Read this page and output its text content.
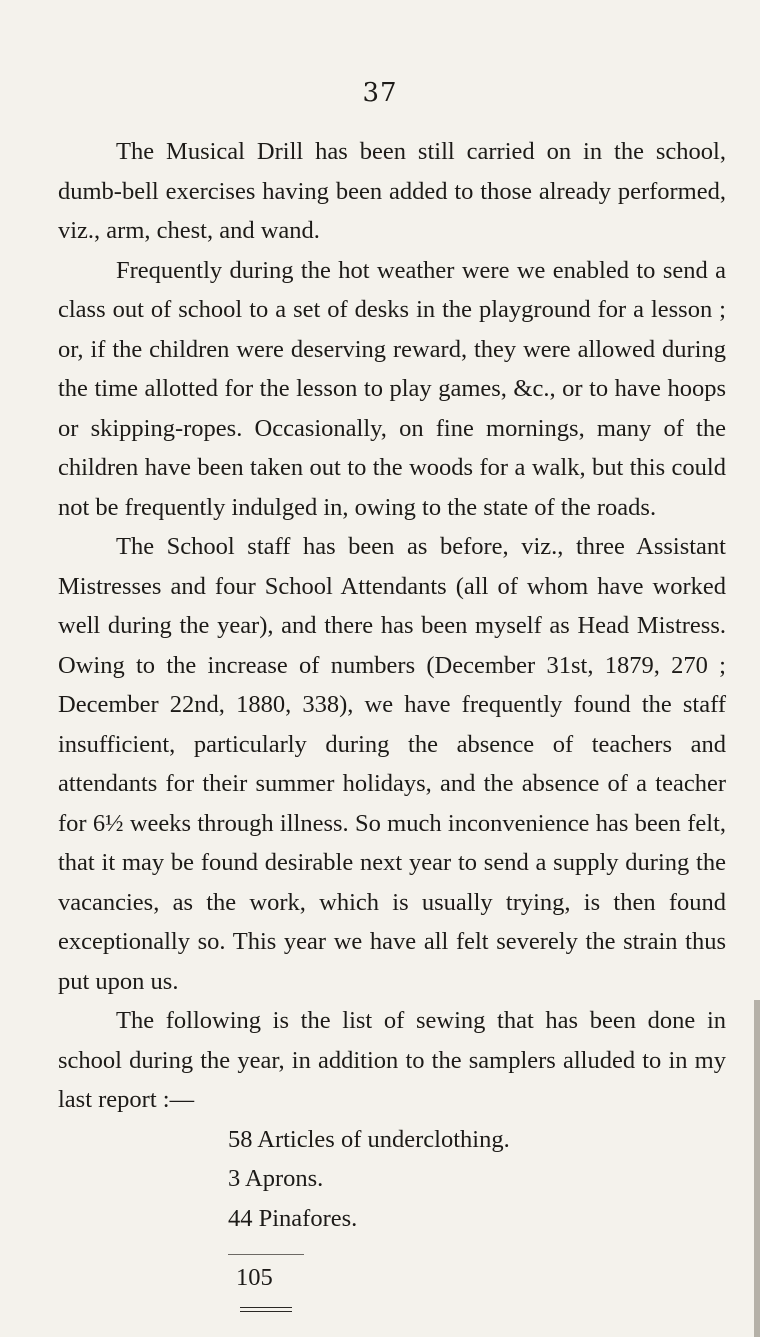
37

The Musical Drill has been still carried on in the school, dumb-bell exercises having been added to those already performed, viz., arm, chest, and wand.

Frequently during the hot weather were we enabled to send a class out of school to a set of desks in the playground for a lesson ; or, if the children were deserving reward, they were allowed during the time allotted for the lesson to play games, &c., or to have hoops or skipping-ropes. Occasionally, on fine mornings, many of the children have been taken out to the woods for a walk, but this could not be frequently indulged in, owing to the state of the roads.

The School staff has been as before, viz., three Assistant Mistresses and four School Attendants (all of whom have worked well during the year), and there has been myself as Head Mistress. Owing to the increase of numbers (December 31st, 1879, 270 ; December 22nd, 1880, 338), we have frequently found the staff insufficient, particularly during the absence of teachers and attendants for their summer holidays, and the absence of a teacher for 6½ weeks through illness. So much inconvenience has been felt, that it may be found desirable next year to send a supply during the vacancies, as the work, which is usually trying, is then found exceptionally so. This year we have all felt severely the strain thus put upon us.

The following is the list of sewing that has been done in school during the year, in addition to the samplers alluded to in my last report :—

58 Articles of underclothing.
3 Aprons.
44 Pinafores.
105
